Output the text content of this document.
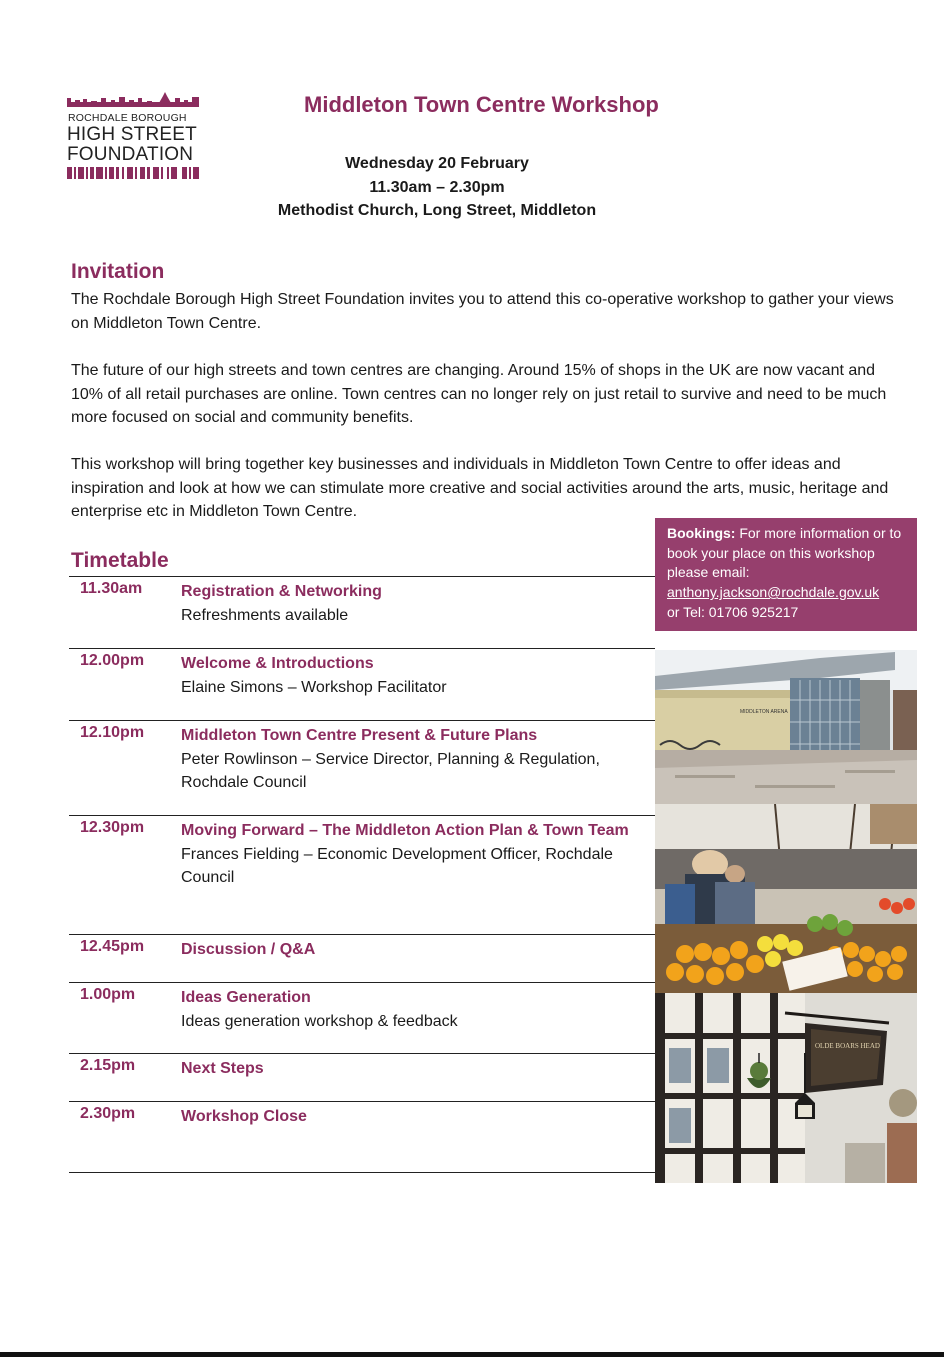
ROCHDALE BOROUGH
HIGH STREET
FOUNDATION
Middleton Town Centre Workshop
Wednesday 20 February
11.30am – 2.30pm
Methodist Church, Long Street, Middleton
Invitation
The Rochdale Borough High Street Foundation invites you to attend this co-operative workshop to gather your views on Middleton Town Centre.
The future of our high streets and town centres are changing. Around 15% of shops in the UK are now vacant and 10% of all retail purchases are online. Town centres can no longer rely on just retail to survive and need to be much more focused on social and community benefits.
This workshop will bring together key businesses and individuals in Middleton Town Centre to offer ideas and inspiration and look at how we can stimulate more creative and social activities around the arts, music, heritage and enterprise etc in Middleton Town Centre.
Bookings: For more information or to book your place on this workshop please email:
anthony.jackson@rochdale.gov.uk
or Tel: 01706 925217
Timetable
11.30am Registration & Networking
Refreshments available
12.00pm Welcome & Introductions
Elaine Simons – Workshop Facilitator
12.10pm Middleton Town Centre Present & Future Plans
Peter Rowlinson – Service Director, Planning & Regulation, Rochdale Council
12.30pm Moving Forward – The Middleton Action Plan & Town Team
Frances Fielding – Economic Development Officer, Rochdale Council
12.45pm Discussion / Q&A
1.00pm	Ideas Generation
Ideas generation workshop & feedback
2.15pm	Next Steps
2.30pm	Workshop Close
MIDDLETON ARENA
OLDE BOARS HEAD
